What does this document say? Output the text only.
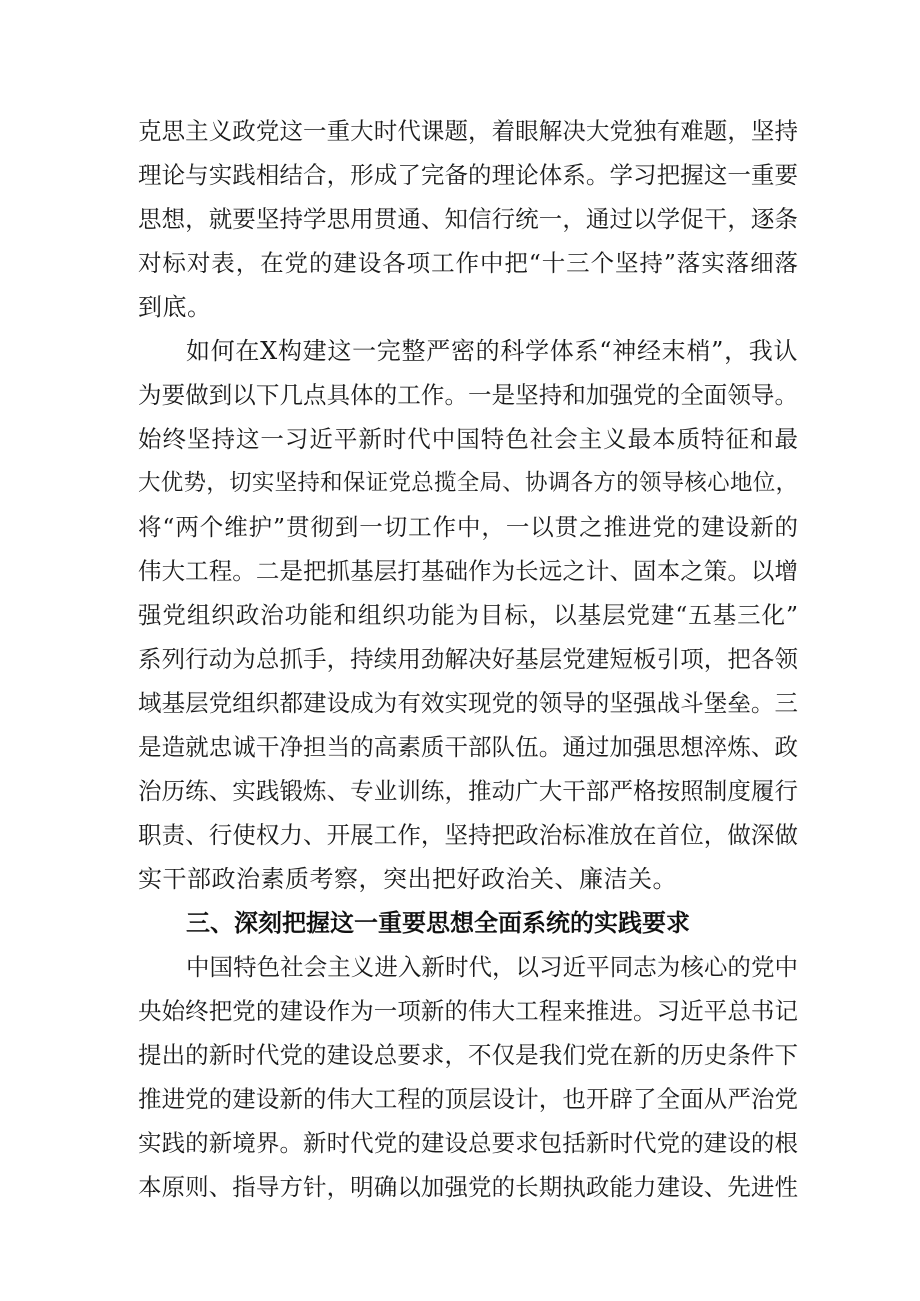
克思主义政党这一重大时代课题，着眼解决大党独有难题，坚持
理论与实践相结合，形成了完备的理论体系。学习把握这一重要
思想，就要坚持学思用贯通、知信行统一，通过以学促干，逐条
对标对表，在党的建设各项工作中把“十三个坚持”落实落细落
到底。
如何在X构建这一完整严密的科学体系“神经末梢”，我认
为要做到以下几点具体的工作。一是坚持和加强党的全面领导。
始终坚持这一习近平新时代中国特色社会主义最本质特征和最
大优势，切实坚持和保证党总揽全局、协调各方的领导核心地位，
将“两个维护”贯彻到一切工作中，一以贯之推进党的建设新的
伟大工程。二是把抓基层打基础作为长远之计、固本之策。以增
强党组织政治功能和组织功能为目标，以基层党建“五基三化”
系列行动为总抓手，持续用劲解决好基层党建短板引项，把各领
域基层党组织都建设成为有效实现党的领导的坚强战斗堡垒。三
是造就忠诚干净担当的高素质干部队伍。通过加强思想淬炼、政
治历练、实践锻炼、专业训练，推动广大干部严格按照制度履行
职责、行使权力、开展工作，坚持把政治标准放在首位，做深做
实干部政治素质考察，突出把好政治关、廉洁关。
三、深刻把握这一重要思想全面系统的实践要求
中国特色社会主义进入新时代，以习近平同志为核心的党中
央始终把党的建设作为一项新的伟大工程来推进。习近平总书记
提出的新时代党的建设总要求，不仅是我们党在新的历史条件下
推进党的建设新的伟大工程的顶层设计，也开辟了全面从严治党
实践的新境界。新时代党的建设总要求包括新时代党的建设的根
本原则、指导方针，明确以加强党的长期执政能力建设、先进性
